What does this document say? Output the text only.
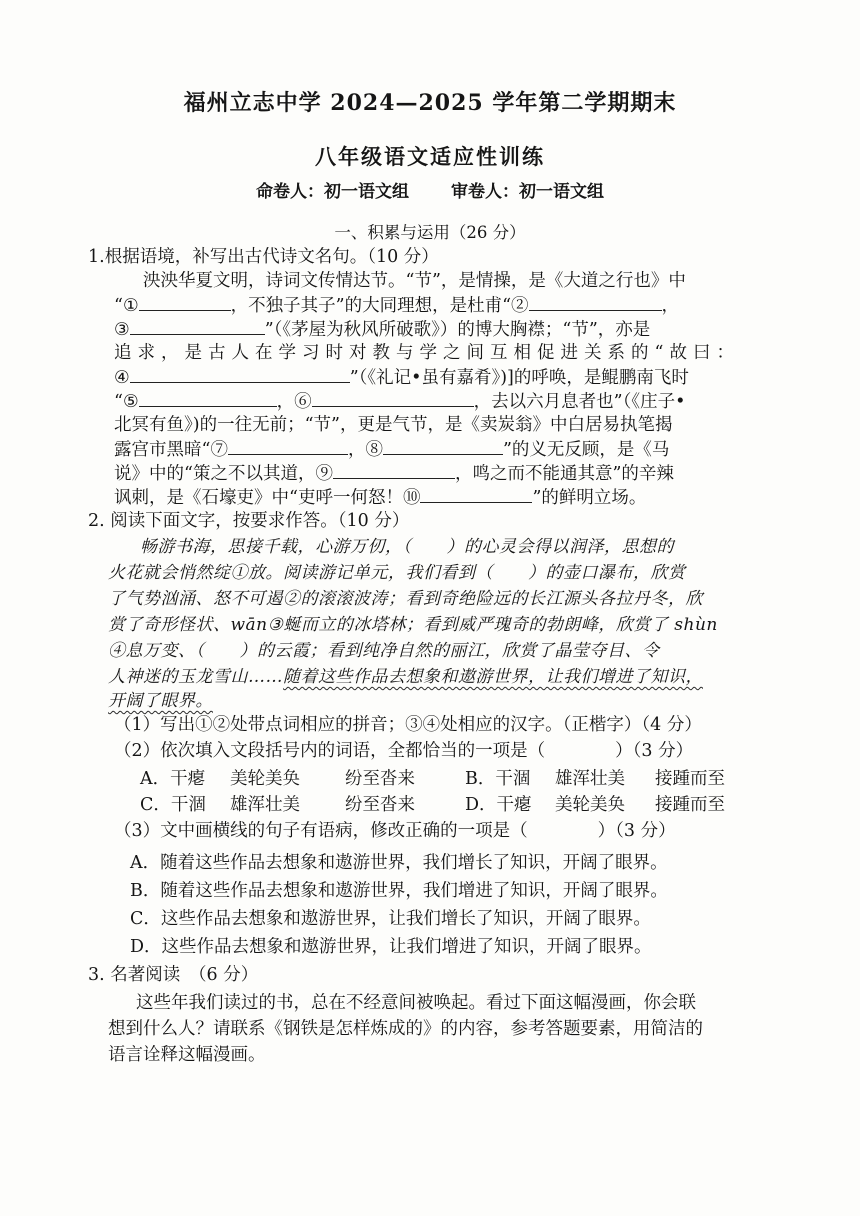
福州立志中学 2024—2025 学年第二学期期末
八年级语文适应性训练
命卷人：初一语文组 审卷人：初一语文组
一、积累与运用（26 分）

1.根据语境，补写出古代诗文名句。（10 分）

泱泱华夏文明，诗词文传情达节。“节”，是情操，是《大道之行也》中

“①	，不独子其子”的大同理想，是杜甫“②	，

③	”（《茅屋为秋风所破歌》）的博大胸襟；“节”，亦是

追求，是古人在学习时对教与学之间互相促进关系的“故曰：

④	”（《礼记•虽有嘉肴》)]的呼唤，是鲲鹏南飞时

“⑤	，⑥	，去以六月息者也”（《庄子•

北冥有鱼》)的一往无前；“节”，更是气节，是《卖炭翁》中白居易执笔揭

露宫市黑暗“⑦	，⑧	”的义无反顾，是《马

说》中的“策之不以其道，⑨	，鸣之而不能通其意”的辛辣

讽刺，是《石壕吏》中“吏呼一何怒！⑩	”的鲜明立场。

2. 阅读下面文字，按要求作答。（10 分）

畅游书海，思接千载，心游万仞，（　　）的心灵会得以润泽，思想的

火花就会悄然绽①放。阅读游记单元，我们看到（　　）的壶口瀑布，欣赏

了气势汹涌、怒不可遏②的滚滚波涛；看到奇绝险远的长江源头各拉丹冬，欣

赏了奇形怪状、wān③蜒而立的冰塔林；看到威严瑰奇的勃朗峰，欣赏了 shùn

④息万变、（　　）的云霞；看到纯净自然的丽江，欣赏了晶莹夺目、令

人神迷的玉龙雪山……随着这些作品去想象和遨游世界，让我们增进了知识，

开阔了眼界。

（1）写出①②处带点词相应的拼音；③④处相应的汉字。（正楷字）（4 分）

（2）依次填入文段括号内的词语，全都恰当的一项是（　　　　）（3 分）

A．干瘪	美轮美奂	纷至沓来	B．干涸	雄浑壮美	接踵而至
C．干涸	雄浑壮美	纷至沓来	D．干瘪	美轮美奂	接踵而至

（3）文中画横线的句子有语病，修改正确的一项是（　　　　）（3 分）

A．随着这些作品去想象和遨游世界，我们增长了知识，开阔了眼界。

B．随着这些作品去想象和遨游世界，我们增进了知识，开阔了眼界。

C．这些作品去想象和遨游世界，让我们增长了知识，开阔了眼界。

D．这些作品去想象和遨游世界，让我们增进了知识，开阔了眼界。

3. 名著阅读　（6 分）

这些年我们读过的书，总在不经意间被唤起。看过下面这幅漫画，你会联

想到什么人？请联系《钢铁是怎样炼成的》的内容，参考答题要素，用简洁的

语言诠释这幅漫画。
